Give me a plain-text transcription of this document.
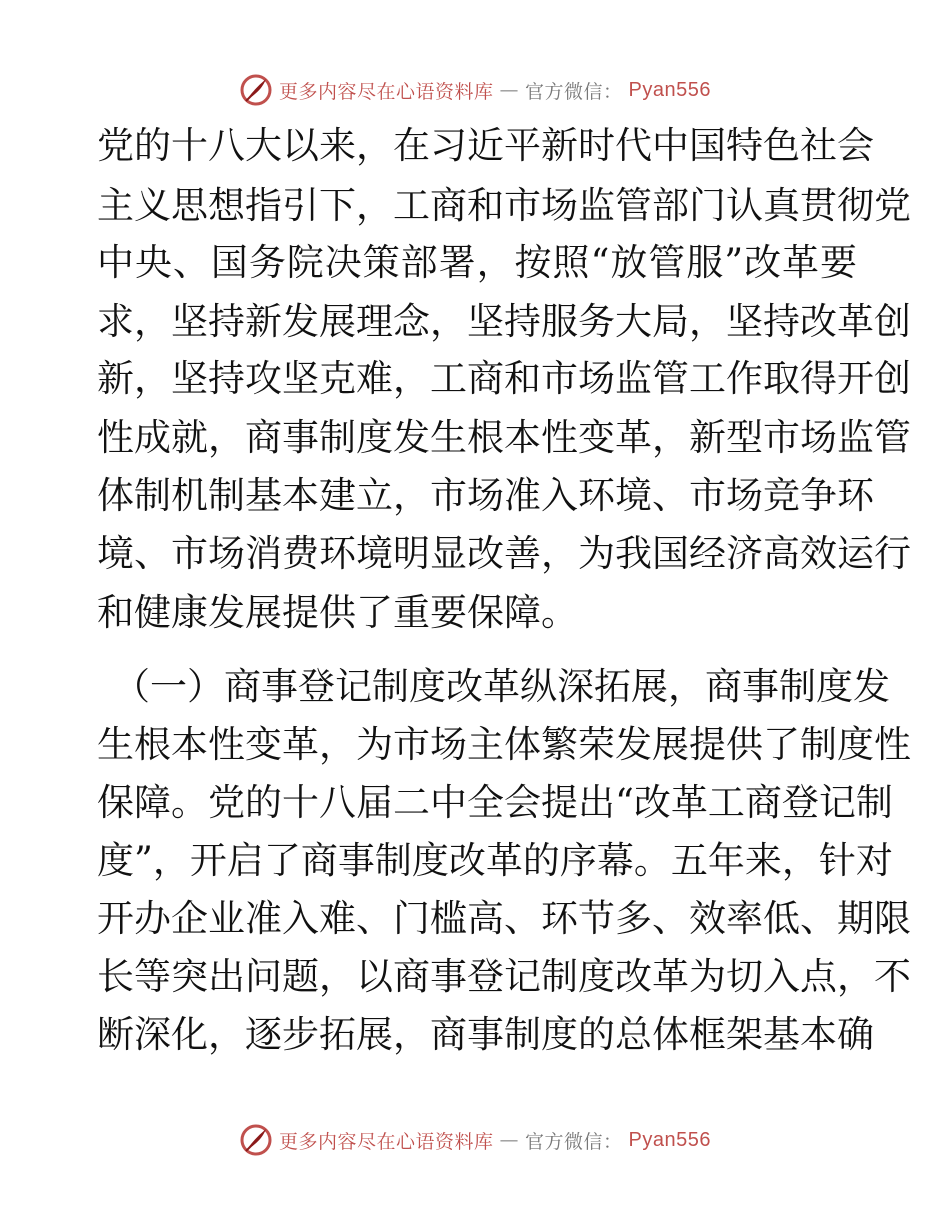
更多内容尽在心语资料库 — 官方微信： Pyan556
党的十八大以来，在习近平新时代中国特色社会
主义思想指引下，工商和市场监管部门认真贯彻党
中央、国务院决策部署，按照“放管服”改革要
求，坚持新发展理念，坚持服务大局，坚持改革创
新，坚持攻坚克难，工商和市场监管工作取得开创
性成就，商事制度发生根本性变革，新型市场监管
体制机制基本建立，市场准入环境、市场竞争环
境、市场消费环境明显改善，为我国经济高效运行
和健康发展提供了重要保障。
（一）商事登记制度改革纵深拓展，商事制度发
生根本性变革，为市场主体繁荣发展提供了制度性
保障。党的十八届二中全会提出“改革工商登记制
度”，开启了商事制度改革的序幕。五年来，针对
开办企业准入难、门槛高、环节多、效率低、期限
长等突出问题，以商事登记制度改革为切入点，不
断深化，逐步拓展，商事制度的总体框架基本确
更多内容尽在心语资料库 — 官方微信： Pyan556
